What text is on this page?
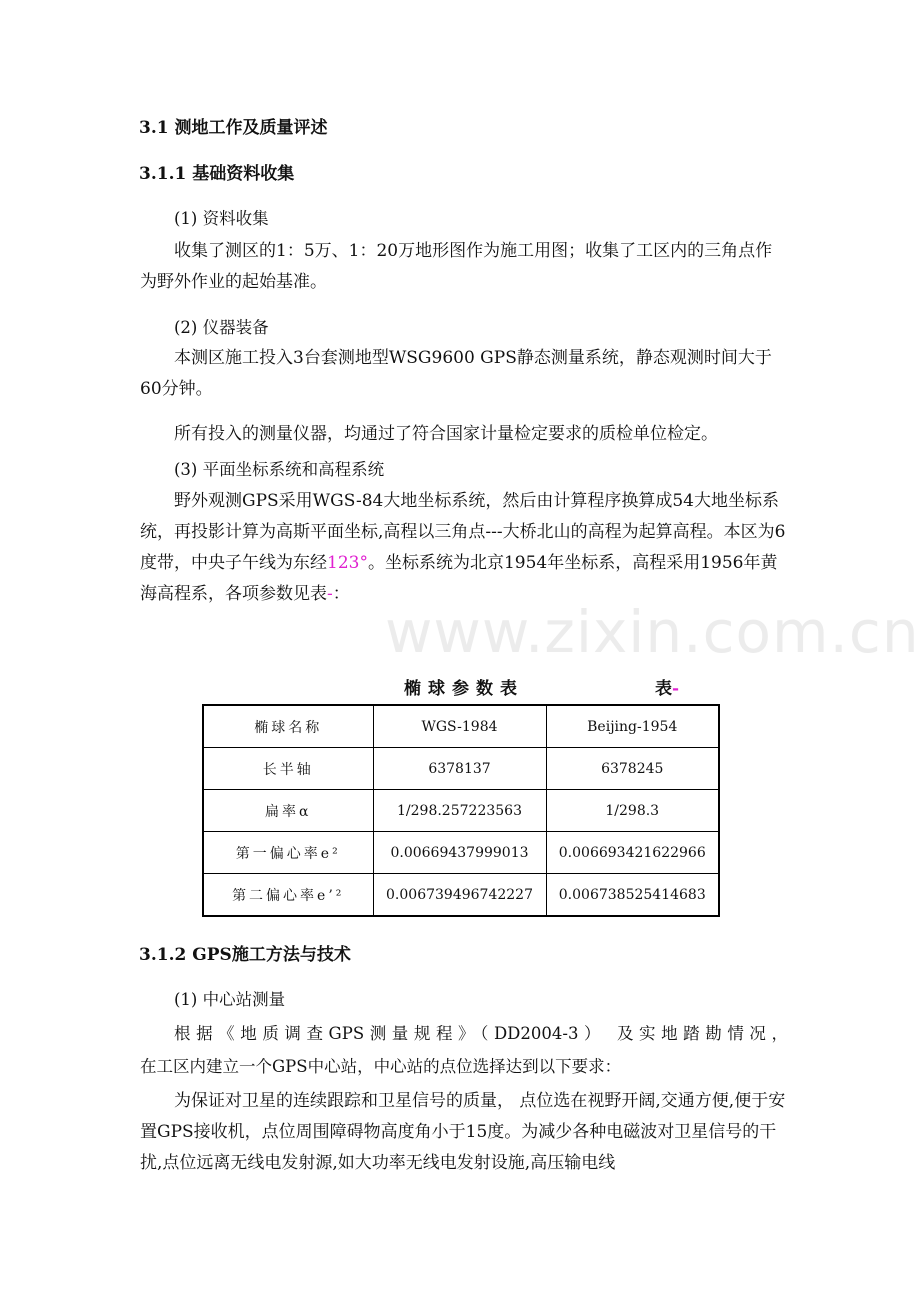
www.zixin.com.cn
3.1 测地工作及质量评述
3.1.1 基础资料收集

(1) 资料收集

收集了测区的1：5万、1：20万地形图作为施工用图；收集了工区内的三角点作为野外作业的起始基准。

(2) 仪器装备

本测区施工投入3台套测地型WSG9600 GPS静态测量系统，静态观测时间大于60分钟。

所有投入的测量仪器，均通过了符合国家计量检定要求的质检单位检定。

(3) 平面坐标系统和高程系统

野外观测GPS采用WGS-84大地坐标系统，然后由计算程序换算成54大地坐标系统，再投影计算为高斯平面坐标,高程以三角点---大桥北山的高程为起算高程。本区为6度带，中央子午线为东经123°。坐标系统为北京1954年坐标系，高程采用1956年黄海高程系，各项参数见表-：

椭球参数表	表-
椭球名称	WGS-1984	Beijing-1954
长半轴	6378137	6378245
扁率α	1/298.257223563	1/298.3
第一偏心率e²	0.00669437999013	0.006693421622966
第二偏心率e’²	0.006739496742227	0.006738525414683
3.1.2 GPS施工方法与技术

(1) 中心站测量

根据《地质调查GPS测量规程》（DD2004-3） 及实地踏勘情况，

在工区内建立一个GPS中心站，中心站的点位选择达到以下要求：

为保证对卫星的连续跟踪和卫星信号的质量， 点位选在视野开阔,交通方便,便于安置GPS接收机，点位周围障碍物高度角小于15度。为减少各种电磁波对卫星信号的干扰,点位远离无线电发射源,如大功率无线电发射设施,高压输电线
